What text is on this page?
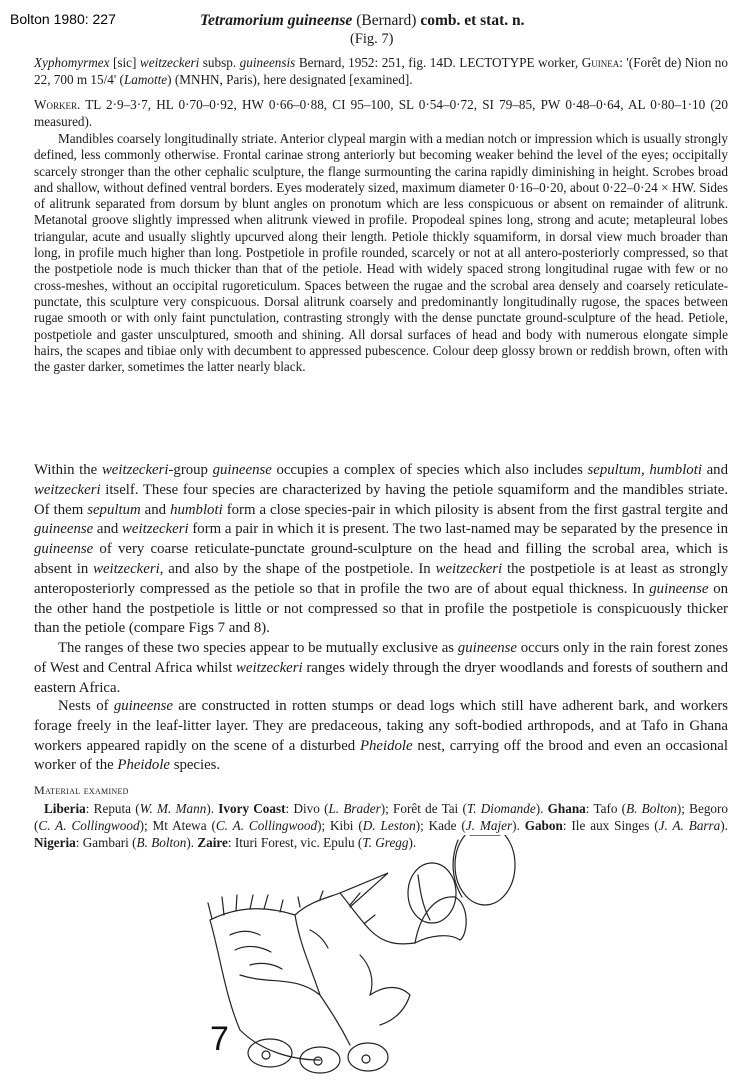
Bolton 1980: 227	Tetramorium guineense (Bernard) comb. et stat. n.
(Fig. 7)
Xyphomyrmex [sic] weitzeckeri subsp. guineensis Bernard, 1952: 251, fig. 14D. LECTOTYPE worker, Guinea: '(Forêt de) Nion no 22, 700 m 15/4' (Lamotte) (MNHN, Paris), here designated [examined].
Worker. TL 2·9–3·7, HL 0·70–0·92, HW 0·66–0·88, CI 95–100, SL 0·54–0·72, SI 79–85, PW 0·48–0·64, AL 0·80–1·10 (20 measured).
Mandibles coarsely longitudinally striate. Anterior clypeal margin with a median notch or impression which is usually strongly defined, less commonly otherwise. Frontal carinae strong anteriorly but becoming weaker behind the level of the eyes; occipitally scarcely stronger than the other cephalic sculpture, the flange surmounting the carina rapidly diminishing in height. Scrobes broad and shallow, without defined ventral borders. Eyes moderately sized, maximum diameter 0·16–0·20, about 0·22–0·24 × HW. Sides of alitrunk separated from dorsum by blunt angles on pronotum which are less conspicuous or absent on remainder of alitrunk. Metanotal groove slightly impressed when alitrunk viewed in profile. Propodeal spines long, strong and acute; metapleural lobes triangular, acute and usually slightly upcurved along their length. Petiole thickly squamiform, in dorsal view much broader than long, in profile much higher than long. Postpetiole in profile rounded, scarcely or not at all antero-posteriorly compressed, so that the postpetiole node is much thicker than that of the petiole. Head with widely spaced strong longitudinal rugae with few or no cross-meshes, without an occipital rugoreticulum. Spaces between the rugae and the scrobal area densely and coarsely reticulate-punctate, this sculpture very conspicuous. Dorsal alitrunk coarsely and predominantly longitudinally rugose, the spaces between rugae smooth or with only faint punctulation, contrasting strongly with the dense punctate ground-sculpture of the head. Petiole, postpetiole and gaster unsculptured, smooth and shining. All dorsal surfaces of head and body with numerous elongate simple hairs, the scapes and tibiae only with decumbent to appressed pubescence. Colour deep glossy brown or reddish brown, often with the gaster darker, sometimes the latter nearly black.
Within the weitzeckeri-group guineense occupies a complex of species which also includes sepultum, humbloti and weitzeckeri itself. These four species are characterized by having the petiole squamiform and the mandibles striate. Of them sepultum and humbloti form a close species-pair in which pilosity is absent from the first gastral tergite and guineense and weitzeckeri form a pair in which it is present. The two last-named may be separated by the presence in guineense of very coarse reticulate-punctate ground-sculpture on the head and filling the scrobal area, which is absent in weitzeckeri, and also by the shape of the postpetiole. In weitzeckeri the postpetiole is at least as strongly anteroposteriorly compressed as the petiole so that in profile the two are of about equal thickness. In guineense on the other hand the postpetiole is little or not compressed so that in profile the postpetiole is conspicuously thicker than the petiole (compare Figs 7 and 8).
The ranges of these two species appear to be mutually exclusive as guineense occurs only in the rain forest zones of West and Central Africa whilst weitzeckeri ranges widely through the dryer woodlands and forests of southern and eastern Africa.
Nests of guineense are constructed in rotten stumps or dead logs which still have adherent bark, and workers forage freely in the leaf-litter layer. They are predaceous, taking any soft-bodied arthropods, and at Tafo in Ghana workers appeared rapidly on the scene of a disturbed Pheidole nest, carrying off the brood and even an occasional worker of the Pheidole species.
Material examined
Liberia: Reputa (W. M. Mann). Ivory Coast: Divo (L. Brader); Forêt de Tai (T. Diomande). Ghana: Tafo (B. Bolton); Begoro (C. A. Collingwood); Mt Atewa (C. A. Collingwood); Kibi (D. Leston); Kade (J. Majer). Gabon: Ile aux Singes (J. A. Barra). Nigeria: Gambari (B. Bolton). Zaire: Ituri Forest, vic. Epulu (T. Gregg).
7
